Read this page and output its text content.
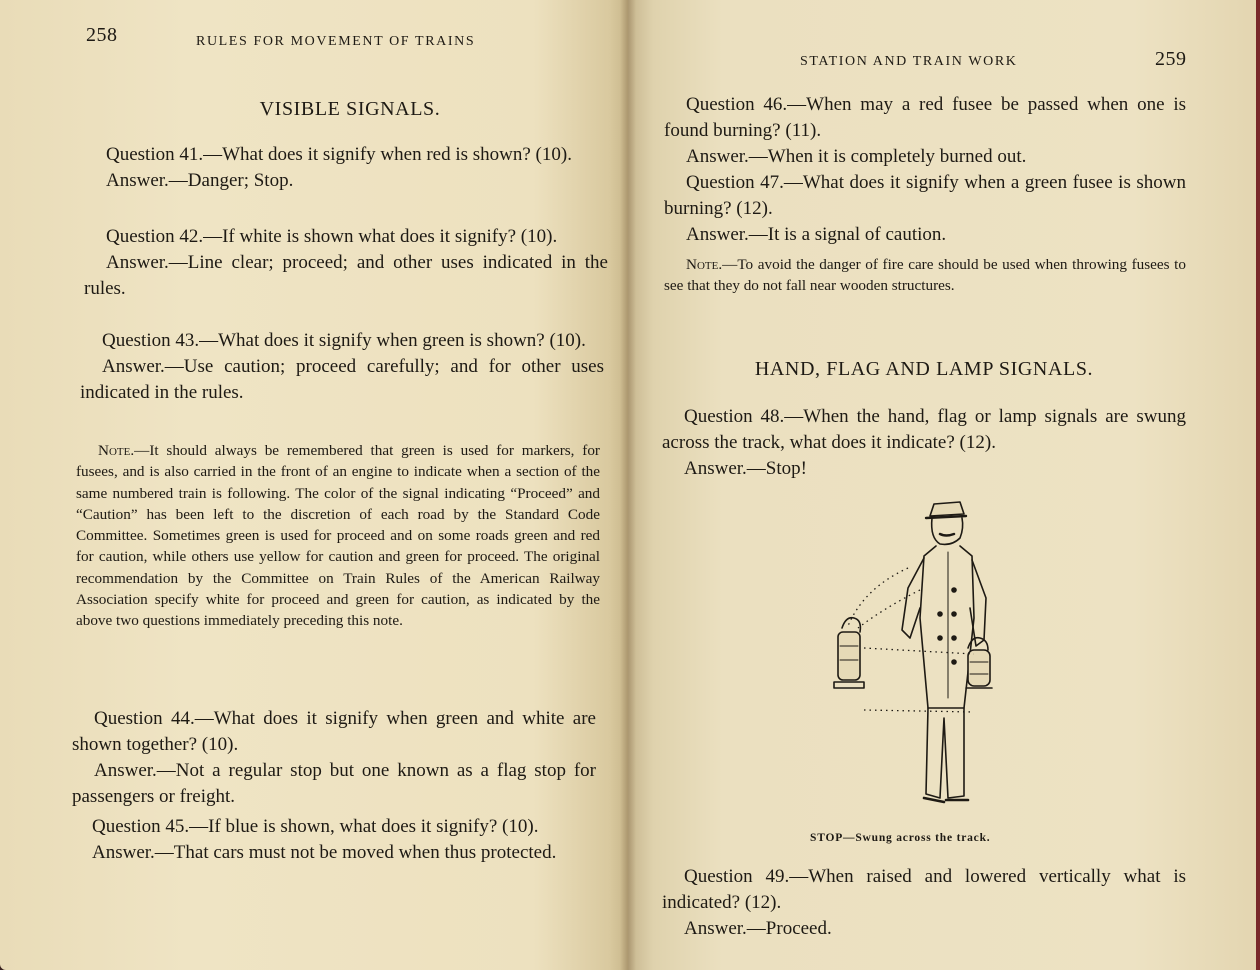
258	RULES FOR MOVEMENT OF TRAINS
VISIBLE SIGNALS.
Question 41.—What does it signify when red is shown? (10).
Answer.—Danger; Stop.
Question 42.—If white is shown what does it signify? (10).
Answer.—Line clear; proceed; and other uses indicated in the rules.
Question 43.—What does it signify when green is shown? (10).
Answer.—Use caution; proceed carefully; and for other uses indicated in the rules.
Note.—It should always be remembered that green is used for markers, for fusees, and is also carried in the front of an engine to indicate when a section of the same numbered train is following. The color of the signal indicating “Proceed” and “Caution” has been left to the discretion of each road by the Standard Code Committee. Sometimes green is used for proceed and on some roads green and red for caution, while others use yellow for caution and green for proceed. The original recommendation by the Committee on Train Rules of the American Railway Association specify white for proceed and green for caution, as indicated by the above two questions immediately preceding this note.
Question 44.—What does it signify when green and white are shown together? (10).
Answer.—Not a regular stop but one known as a flag stop for passengers or freight.
Question 45.—If blue is shown, what does it signify? (10).
Answer.—That cars must not be moved when thus protected.
STATION AND TRAIN WORK	259
Question 46.—When may a red fusee be passed when one is found burning? (11).
Answer.—When it is completely burned out.
Question 47.—What does it signify when a green fusee is shown burning? (12).
Answer.—It is a signal of caution.
Note.—To avoid the danger of fire care should be used when throwing fusees to see that they do not fall near wooden structures.
HAND, FLAG AND LAMP SIGNALS.
Question 48.—When the hand, flag or lamp signals are swung across the track, what does it indicate? (12).
Answer.—Stop!
STOP—Swung across the track.
Question 49.—When raised and lowered vertically what is indicated? (12).
Answer.—Proceed.
